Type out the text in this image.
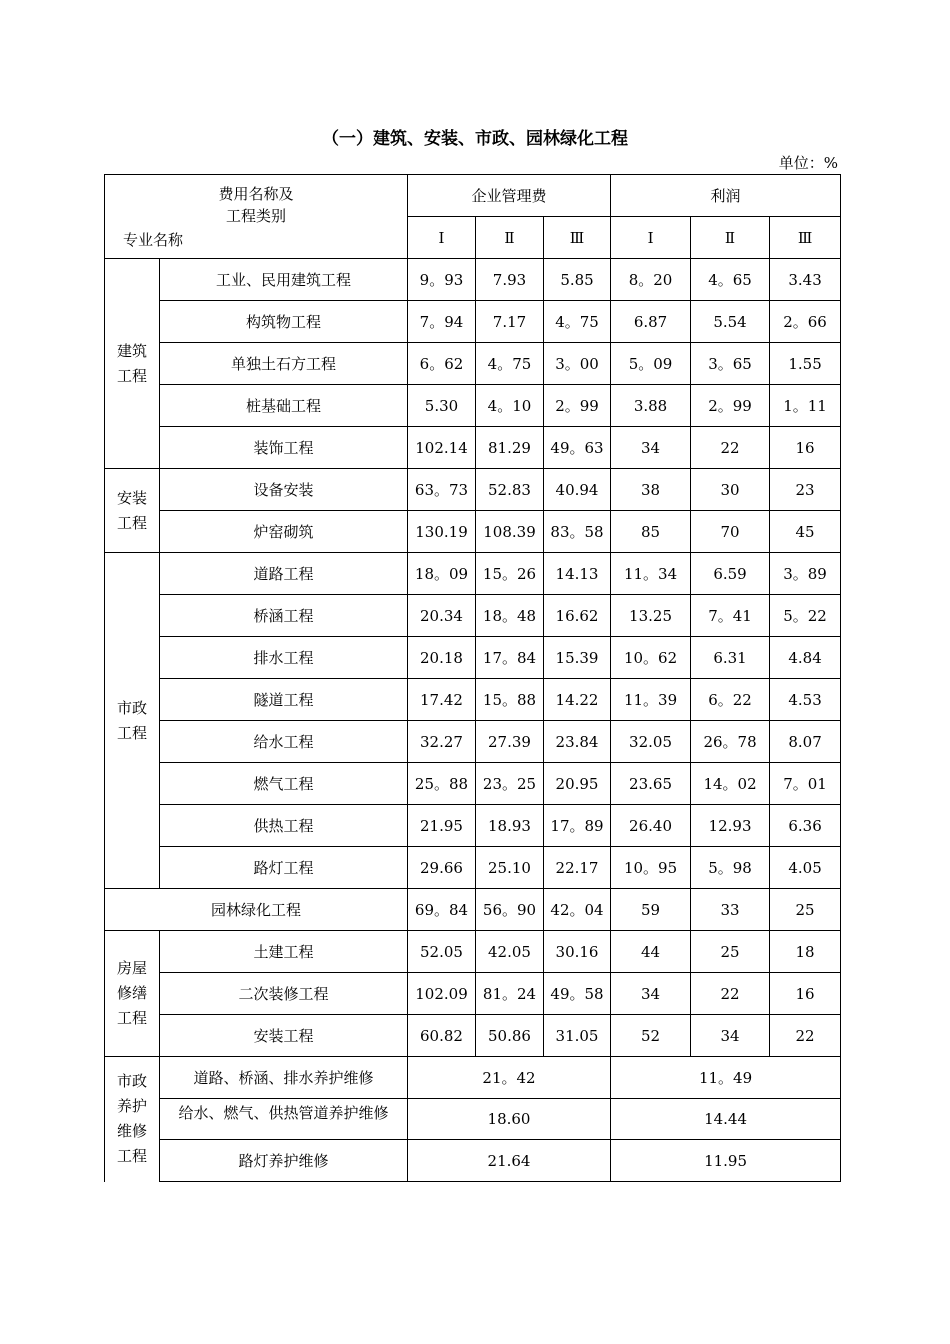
（一）建筑、安装、市政、园林绿化工程
单位：%
费用名称及
工程类别
专业名称		企业管理费			利润		
		I	Ⅱ	Ⅲ	I	Ⅱ	Ⅲ
建筑
工程	工业、民用建筑工程	9。93	7.93	5.85	8。20	4。65	3.43
	构筑物工程	7。94	7.17	4。75	6.87	5.54	2。66
	单独土石方工程	6。62	4。75	3。00	5。09	3。65	1.55
	桩基础工程	5.30	4。10	2。99	3.88	2。99	1。11
	装饰工程	102.14	81.29	49。63	34	22	16
安装
工程	设备安装	63。73	52.83	40.94	38	30	23
	炉窑砌筑	130.19	108.39	83。58	85	70	45
市政
工程	道路工程	18。09	15。26	14.13	11。34	6.59	3。89
	桥涵工程	20.34	18。48	16.62	13.25	7。41	5。22
	排水工程	20.18	17。84	15.39	10。62	6.31	4.84
	隧道工程	17.42	15。88	14.22	11。39	6。22	4.53
	给水工程	32.27	27.39	23.84	32.05	26。78	8.07
	燃气工程	25。88	23。25	20.95	23.65	14。02	7。01
	供热工程	21.95	18.93	17。89	26.40	12.93	6.36
	路灯工程	29.66	25.10	22.17	10。95	5。98	4.05
园林绿化工程		69。84	56。90	42。04	59	33	25
房屋
修缮
工程	土建工程	52.05	42.05	30.16	44	25	18
	二次装修工程	102.09	81。24	49。58	34	22	16
	安装工程	60.82	50.86	31.05	52	34	22
市政
养护
维修
工程	道路、桥涵、排水养护维修	21。42			11。49		

	给水、燃气、供热管道养护维修	18.60			14.44		
	路灯养护维修	21.64			11.95		
